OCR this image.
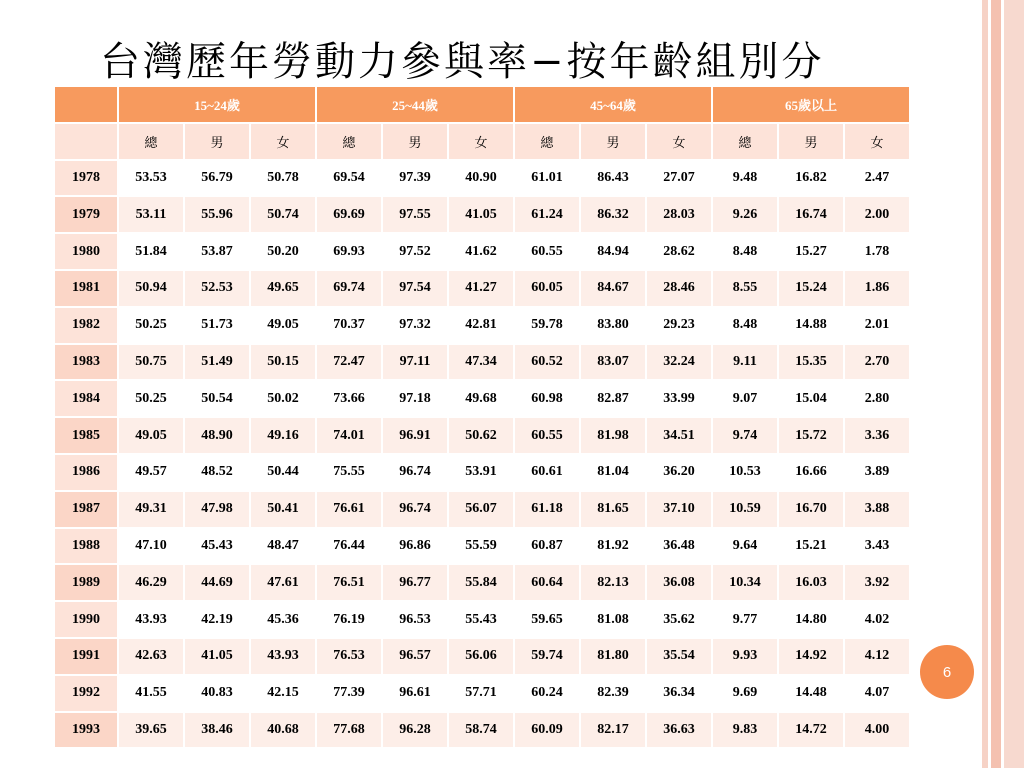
台灣歷年勞動力參與率−按年齡組別分
	15~24歲			25~44歲			45~64歲			65歲以上		
	總	男	女	總	男	女	總	男	女	總	男	女
1978	53.53	56.79	50.78	69.54	97.39	40.90	61.01	86.43	27.07	9.48	16.82	2.47
1979	53.11	55.96	50.74	69.69	97.55	41.05	61.24	86.32	28.03	9.26	16.74	2.00
1980	51.84	53.87	50.20	69.93	97.52	41.62	60.55	84.94	28.62	8.48	15.27	1.78
1981	50.94	52.53	49.65	69.74	97.54	41.27	60.05	84.67	28.46	8.55	15.24	1.86
1982	50.25	51.73	49.05	70.37	97.32	42.81	59.78	83.80	29.23	8.48	14.88	2.01
1983	50.75	51.49	50.15	72.47	97.11	47.34	60.52	83.07	32.24	9.11	15.35	2.70
1984	50.25	50.54	50.02	73.66	97.18	49.68	60.98	82.87	33.99	9.07	15.04	2.80
1985	49.05	48.90	49.16	74.01	96.91	50.62	60.55	81.98	34.51	9.74	15.72	3.36
1986	49.57	48.52	50.44	75.55	96.74	53.91	60.61	81.04	36.20	10.53	16.66	3.89
1987	49.31	47.98	50.41	76.61	96.74	56.07	61.18	81.65	37.10	10.59	16.70	3.88
1988	47.10	45.43	48.47	76.44	96.86	55.59	60.87	81.92	36.48	9.64	15.21	3.43
1989	46.29	44.69	47.61	76.51	96.77	55.84	60.64	82.13	36.08	10.34	16.03	3.92
1990	43.93	42.19	45.36	76.19	96.53	55.43	59.65	81.08	35.62	9.77	14.80	4.02
1991	42.63	41.05	43.93	76.53	96.57	56.06	59.74	81.80	35.54	9.93	14.92	4.12
1992	41.55	40.83	42.15	77.39	96.61	57.71	60.24	82.39	36.34	9.69	14.48	4.07
1993	39.65	38.46	40.68	77.68	96.28	58.74	60.09	82.17	36.63	9.83	14.72	4.00
6
